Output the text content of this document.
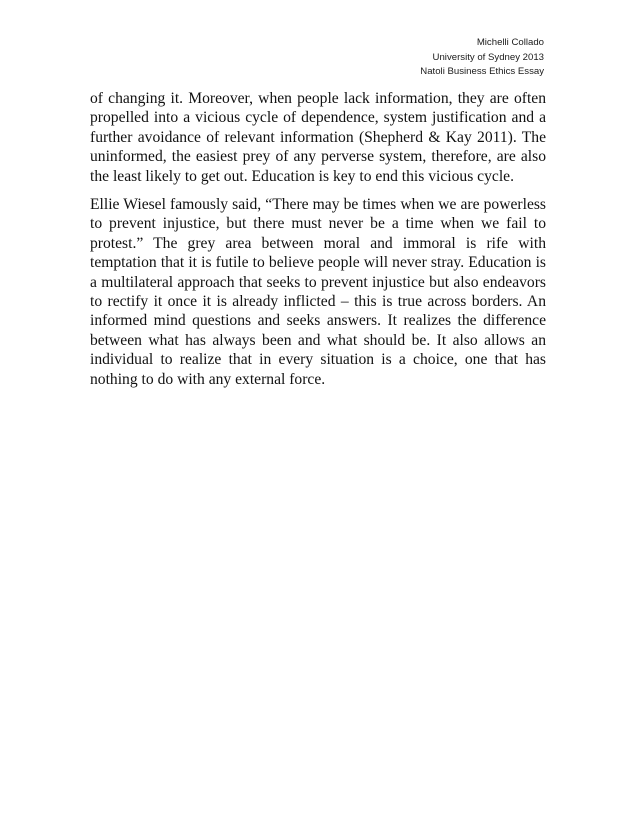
Michelli Collado
University of Sydney 2013
Natoli Business Ethics Essay

of changing it. Moreover, when people lack information, they are often propelled into a vicious cycle of dependence, system justification and a further avoidance of relevant information (Shepherd & Kay 2011). The uninformed, the easiest prey of any perverse system, therefore, are also the least likely to get out. Education is key to end this vicious cycle.

Ellie Wiesel famously said, “There may be times when we are powerless to prevent injustice, but there must never be a time when we fail to protest.” The grey area between moral and immoral is rife with temptation that it is futile to believe people will never stray. Education is a multilateral approach that seeks to prevent injustice but also endeavors to rectify it once it is already inflicted – this is true across borders. An informed mind questions and seeks answers. It realizes the difference between what has always been and what should be. It also allows an individual to realize that in every situation is a choice, one that has nothing to do with any external force.
